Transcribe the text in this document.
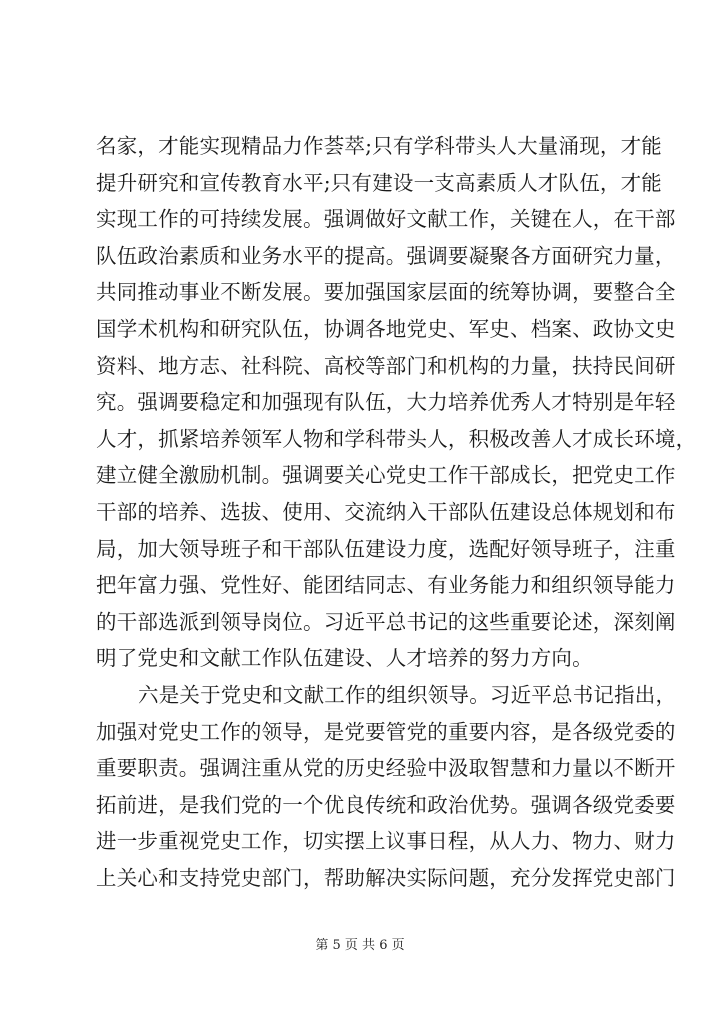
名家，才能实现精品力作荟萃;只有学科带头人大量涌现，才能
提升研究和宣传教育水平;只有建设一支高素质人才队伍，才能
实现工作的可持续发展。强调做好文献工作，关键在人，在干部
队伍政治素质和业务水平的提高。强调要凝聚各方面研究力量，
共同推动事业不断发展。要加强国家层面的统筹协调，要整合全
国学术机构和研究队伍，协调各地党史、军史、档案、政协文史
资料、地方志、社科院、高校等部门和机构的力量，扶持民间研
究。强调要稳定和加强现有队伍，大力培养优秀人才特别是年轻
人才，抓紧培养领军人物和学科带头人，积极改善人才成长环境，
建立健全激励机制。强调要关心党史工作干部成长，把党史工作
干部的培养、选拔、使用、交流纳入干部队伍建设总体规划和布
局，加大领导班子和干部队伍建设力度，选配好领导班子，注重
把年富力强、党性好、能团结同志、有业务能力和组织领导能力
的干部选派到领导岗位。习近平总书记的这些重要论述，深刻阐
明了党史和文献工作队伍建设、人才培养的努力方向。
六是关于党史和文献工作的组织领导。习近平总书记指出，
加强对党史工作的领导，是党要管党的重要内容，是各级党委的
重要职责。强调注重从党的历史经验中汲取智慧和力量以不断开
拓前进，是我们党的一个优良传统和政治优势。强调各级党委要
进一步重视党史工作，切实摆上议事日程，从人力、物力、财力
上关心和支持党史部门，帮助解决实际问题，充分发挥党史部门
第 5 页 共 6 页
